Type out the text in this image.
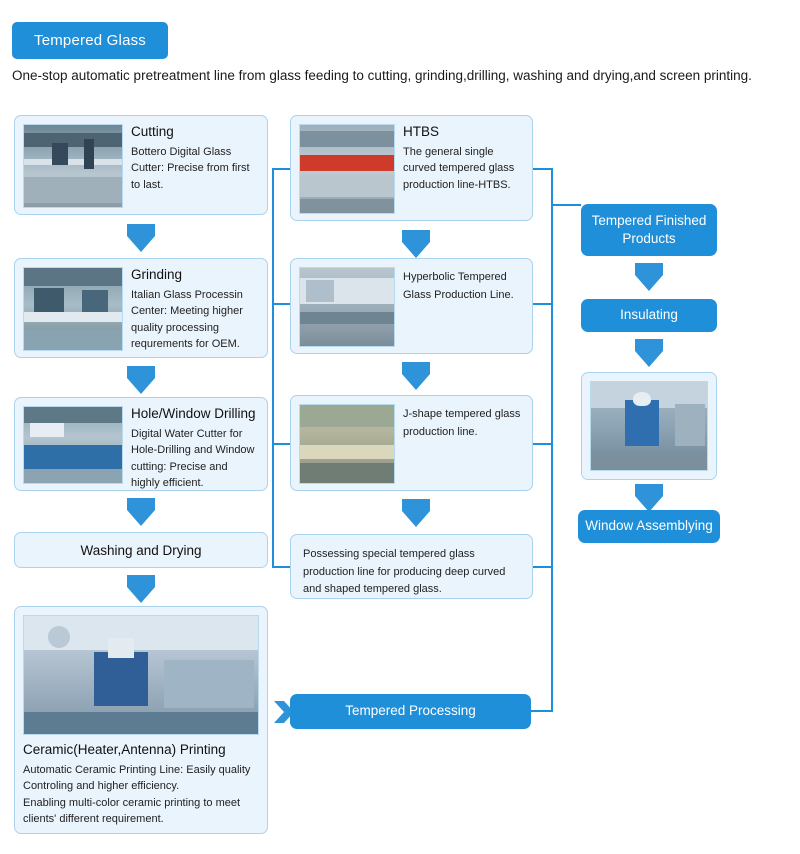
Tempered Glass
One-stop automatic pretreatment line from glass feeding to cutting, grinding,drilling, washing and drying,and screen printing.
Cutting
Bottero Digital Glass Cutter: Precise from first to last.
Grinding
Italian Glass Processin Center: Meeting higher quality processing requrements for OEM.
Hole/Window Drilling
Digital Water Cutter for Hole-Drilling and Window cutting: Precise and highly efficient.
Washing and Drying
Ceramic(Heater,Antenna) Printing
Automatic Ceramic Printing Line: Easily quality
Controling and higher efficiency.
Enabling multi-color ceramic printing to meet
clients' different requirement.
HTBS
The general single curved tempered glass production line-HTBS.
Hyperbolic Tempered Glass Production Line.
J-shape tempered glass production line.
Possessing special tempered glass production line for producing deep curved and shaped tempered glass.
Tempered Processing
Tempered Finished Products
Insulating
Window Assemblying
